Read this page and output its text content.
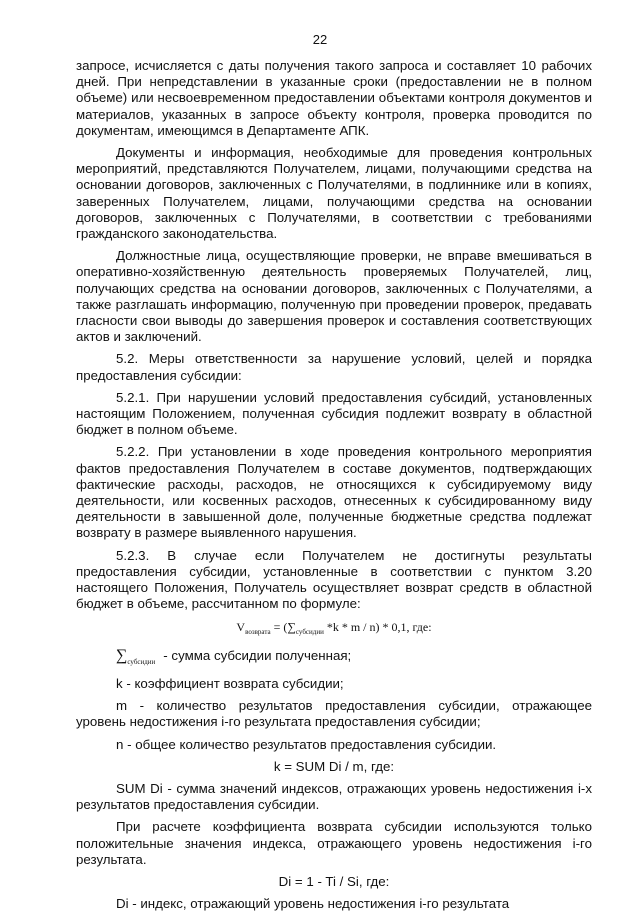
22

запросе, исчисляется с даты получения такого запроса и составляет 10 рабочих дней. При непредставлении в указанные сроки (предоставлении не в полном объеме) или несвоевременном предоставлении объектами контроля документов и материалов, указанных в запросе объекту контроля, проверка проводится по документам, имеющимся в Департаменте АПК.

Документы и информация, необходимые для проведения контрольных мероприятий, представляются Получателем, лицами, получающими средства на основании договоров, заключенных с Получателями, в подлиннике или в копиях, заверенных Получателем, лицами, получающими средства на основании договоров, заключенных с Получателями, в соответствии с требованиями гражданского законодательства.

Должностные лица, осуществляющие проверки, не вправе вмешиваться в оперативно-хозяйственную деятельность проверяемых Получателей, лиц, получающих средства на основании договоров, заключенных с Получателями, а также разглашать информацию, полученную при проведении проверок, предавать гласности свои выводы до завершения проверок и составления соответствующих актов и заключений.

5.2. Меры ответственности за нарушение условий, целей и порядка предоставления субсидии:

5.2.1. При нарушении условий предоставления субсидий, установленных настоящим Положением, полученная субсидия подлежит возврату в областной бюджет в полном объеме.

5.2.2. При установлении в ходе проведения контрольного мероприятия фактов предоставления Получателем в составе документов, подтверждающих фактические расходы, расходов, не относящихся к субсидируемому виду деятельности, или косвенных расходов, отнесенных к субсидированному виду деятельности в завышенной доле, полученные бюджетные средства подлежат возврату в размере выявленного нарушения.

5.2.3. В случае если Получателем не достигнуты результаты предоставления субсидии, установленные в соответствии с пунктом 3.20 настоящего Положения, Получатель осуществляет возврат средств в областной бюджет в объеме, рассчитанном по формуле:

$V_{возврата} = (\sum_{субсидии}$ *k * m / n) * 0,1, где:

$\sum_{субсидии}$ - сумма субсидии полученная;

k - коэффициент возврата субсидии;

m - количество результатов предоставления субсидии, отражающее уровень недостижения i-го результата предоставления субсидии;

n - общее количество результатов предоставления субсидии.

k = SUM Di / m, где:

SUM Di - сумма значений индексов, отражающих уровень недостижения i-х результатов предоставления субсидии.

При расчете коэффициента возврата субсидии используются только положительные значения индекса, отражающего уровень недостижения i-го результата.

Di = 1 - Ti / Si, где:

Di - индекс, отражающий уровень недостижения i-го результата
